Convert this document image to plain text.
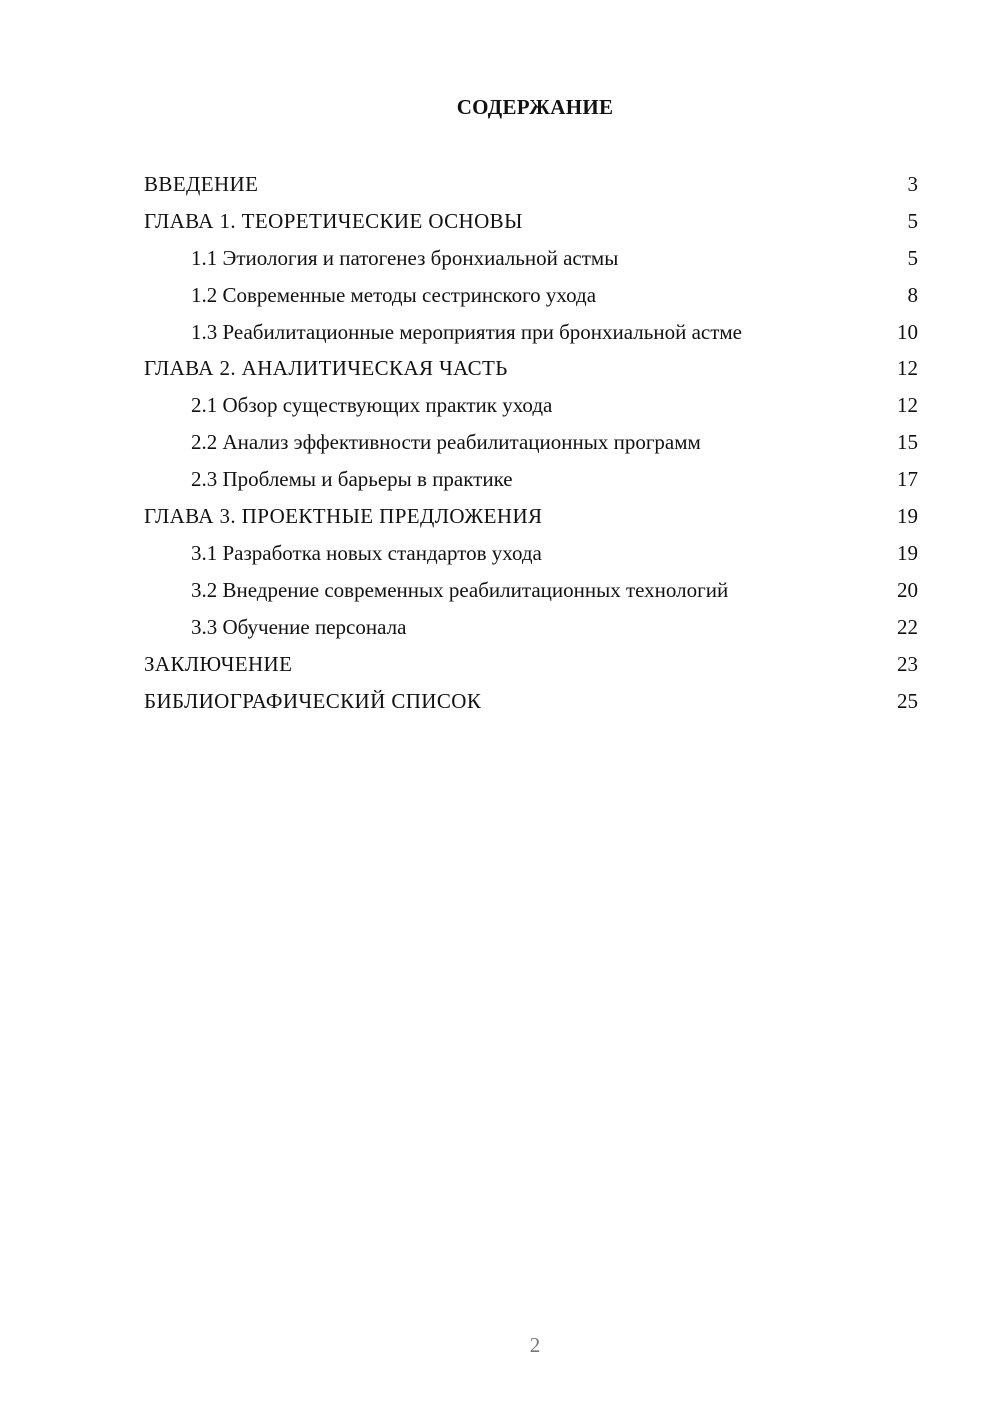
СОДЕРЖАНИЕ
ВВЕДЕНИЕ	3
ГЛАВА 1. ТЕОРЕТИЧЕСКИЕ ОСНОВЫ	5
1.1 Этиология и патогенез бронхиальной астмы	5
1.2 Современные методы сестринского ухода	8
1.3 Реабилитационные мероприятия при бронхиальной астме	10
ГЛАВА 2. АНАЛИТИЧЕСКАЯ ЧАСТЬ	12
2.1 Обзор существующих практик ухода	12
2.2 Анализ эффективности реабилитационных программ	15
2.3 Проблемы и барьеры в практике	17
ГЛАВА 3. ПРОЕКТНЫЕ ПРЕДЛОЖЕНИЯ	19
3.1 Разработка новых стандартов ухода	19
3.2 Внедрение современных реабилитационных технологий	20
3.3 Обучение персонала	22
ЗАКЛЮЧЕНИЕ	23
БИБЛИОГРАФИЧЕСКИЙ СПИСОК	25
2
